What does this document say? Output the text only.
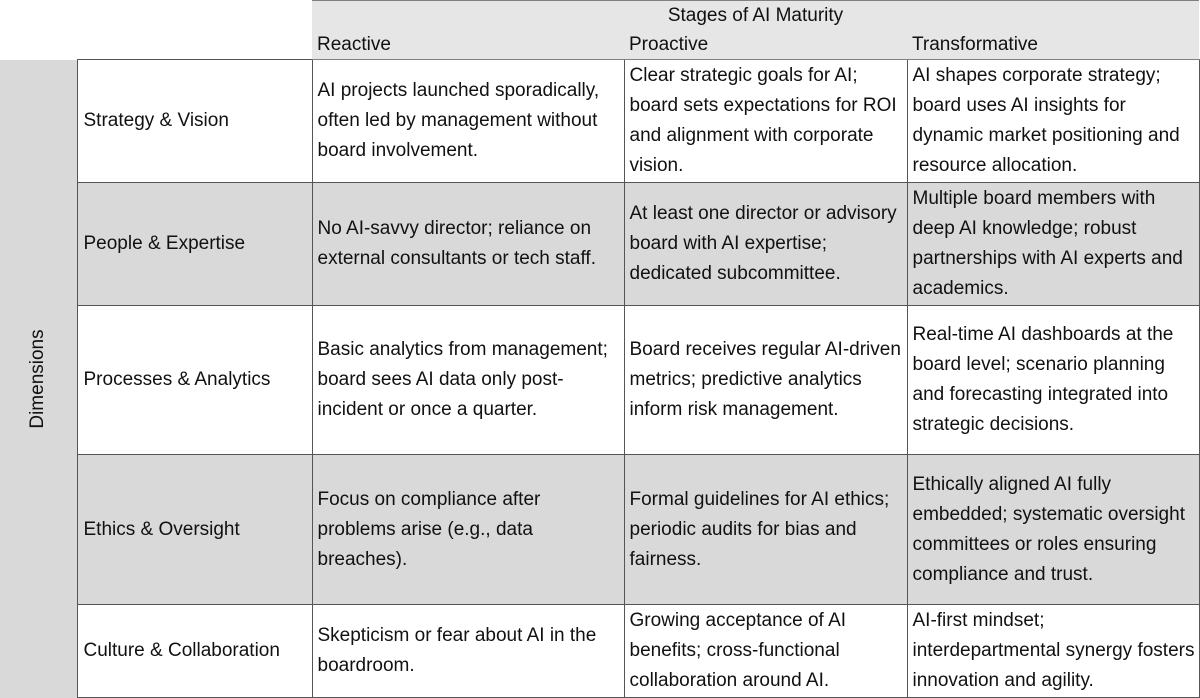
		Stages of AI Maturity		
		Reactive	Proactive	Transformative

Dimensions	Strategy & Vision	AI projects launched sporadically, often led by management without board involvement.	Clear strategic goals for AI; board sets expectations for ROI and alignment with corporate vision.	AI shapes corporate strategy; board uses AI insights for dynamic market positioning and resource allocation.
	People & Expertise	No AI-savvy director; reliance on external consultants or tech staff.	At least one director or advisory board with AI expertise; dedicated subcommittee.	Multiple board members with deep AI knowledge; robust partnerships with AI experts and academics.
	Processes & Analytics	Basic analytics from management; board sees AI data only post-incident or once a quarter.	Board receives regular AI-driven metrics; predictive analytics inform risk management.	Real-time AI dashboards at the board level; scenario planning and forecasting integrated into strategic decisions.
	Ethics & Oversight	Focus on compliance after problems arise (e.g., data breaches).	Formal guidelines for AI ethics; periodic audits for bias and fairness.	Ethically aligned AI fully embedded; systematic oversight committees or roles ensuring compliance and trust.
	Culture & Collaboration	Skepticism or fear about AI in the boardroom.	Growing acceptance of AI benefits; cross-functional collaboration around AI.	AI-first mindset; interdepartmental synergy fosters innovation and agility.
